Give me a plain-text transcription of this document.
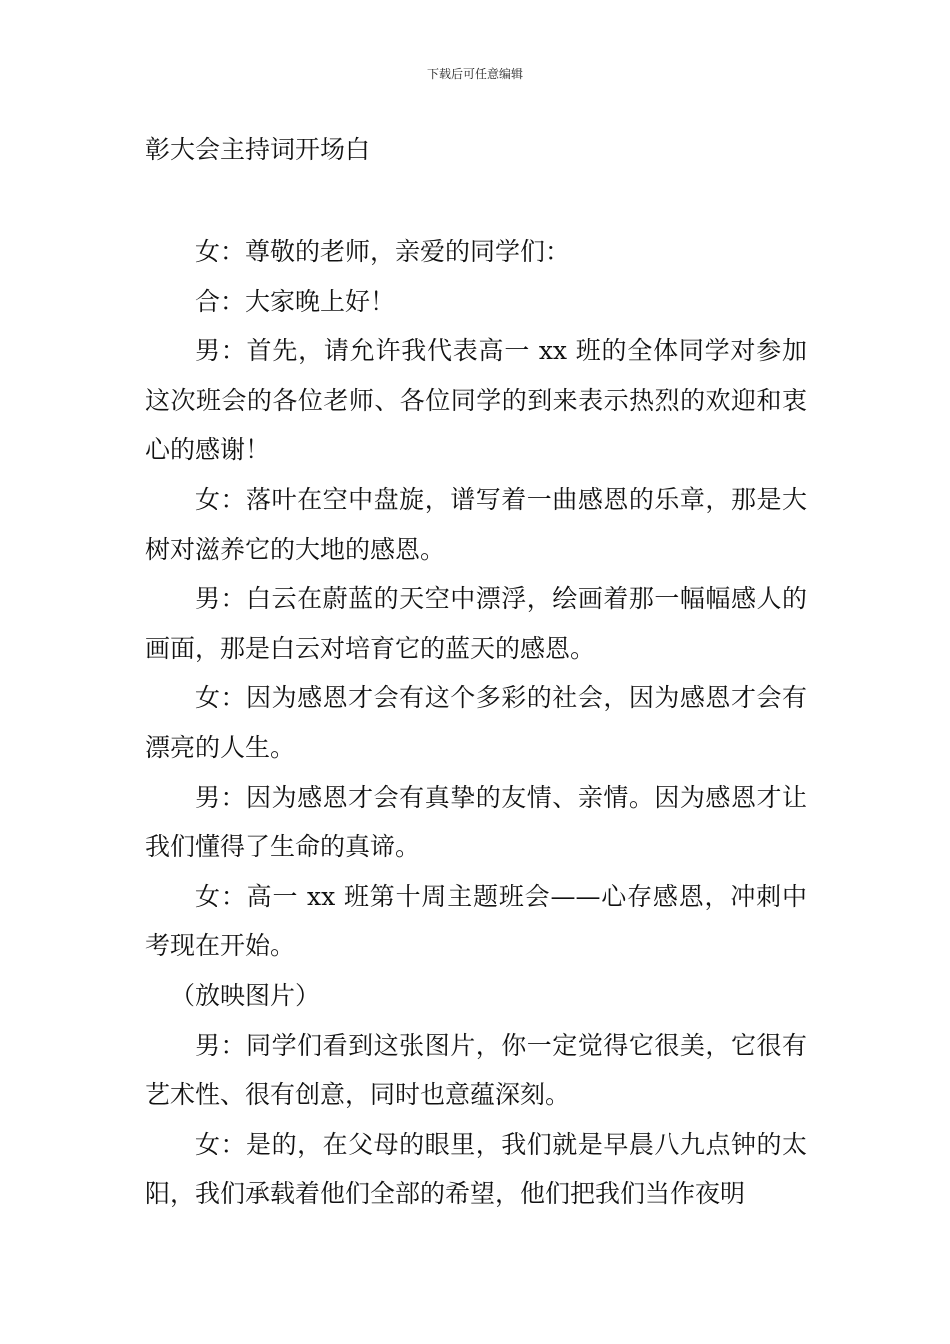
下载后可任意编辑
彰大会主持词开场白

女：尊敬的老师，亲爱的同学们：

合：大家晚上好！

男：首先，请允许我代表高一 xx 班的全体同学对参加这次班会的各位老师、各位同学的到来表示热烈的欢迎和衷心的感谢！

女：落叶在空中盘旋，谱写着一曲感恩的乐章，那是大树对滋养它的大地的感恩。

男：白云在蔚蓝的天空中漂浮，绘画着那一幅幅感人的画面，那是白云对培育它的蓝天的感恩。

女：因为感恩才会有这个多彩的社会，因为感恩才会有漂亮的人生。

男：因为感恩才会有真挚的友情、亲情。因为感恩才让我们懂得了生命的真谛。

女：高一 xx 班第十周主题班会——心存感恩，冲刺中考现在开始。

（放映图片）

男：同学们看到这张图片，你一定觉得它很美，它很有艺术性、很有创意，同时也意蕴深刻。

女：是的，在父母的眼里，我们就是早晨八九点钟的太阳，我们承载着他们全部的希望，他们把我们当作夜明
